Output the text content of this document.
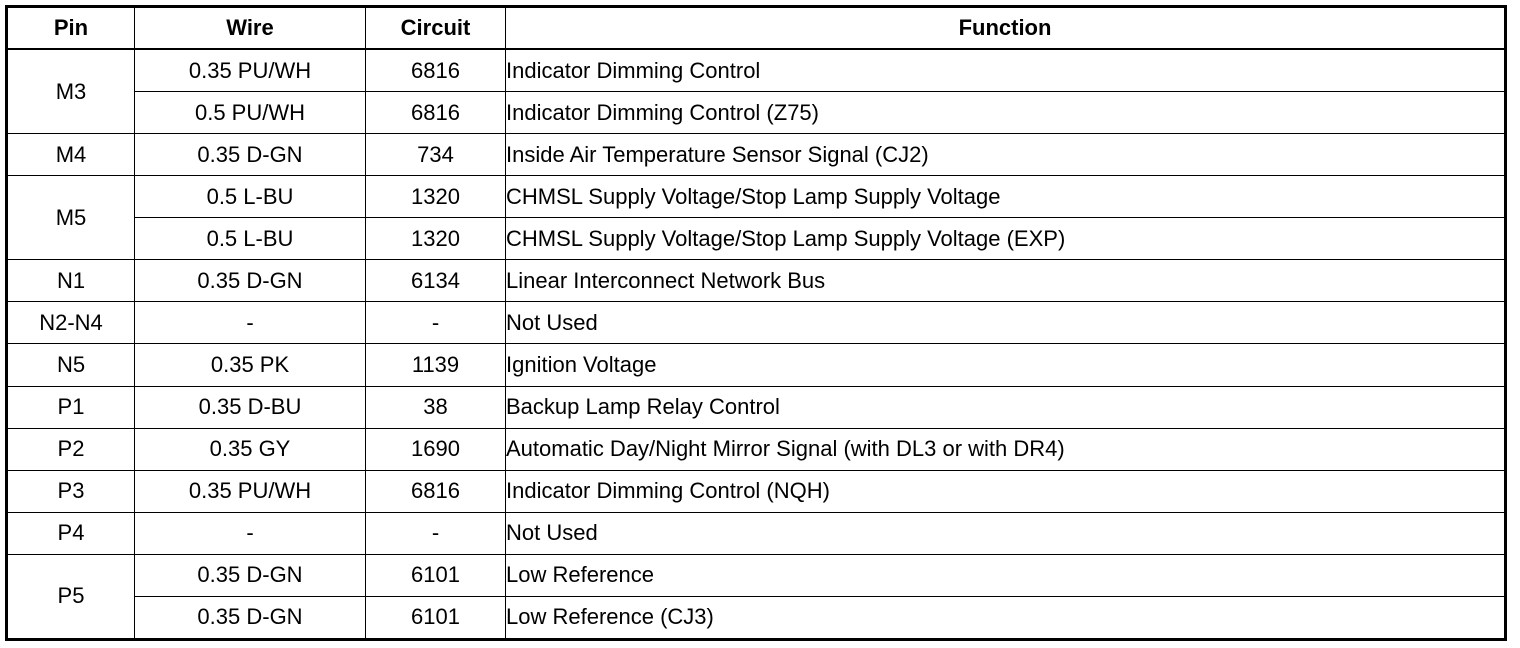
Pin	Wire	Circuit	Function
M3	0.35 PU/WH	6816	Indicator Dimming Control
	0.5 PU/WH	6816	Indicator Dimming Control (Z75)
M4	0.35 D-GN	734	Inside Air Temperature Sensor Signal (CJ2)
M5	0.5 L-BU	1320	CHMSL Supply Voltage/Stop Lamp Supply Voltage
	0.5 L-BU	1320	CHMSL Supply Voltage/Stop Lamp Supply Voltage (EXP)
N1	0.35 D-GN	6134	Linear Interconnect Network Bus
N2-N4	-	-	Not Used
N5	0.35 PK	1139	Ignition Voltage
P1	0.35 D-BU	38	Backup Lamp Relay Control
P2	0.35 GY	1690	Automatic Day/Night Mirror Signal (with DL3 or with DR4)
P3	0.35 PU/WH	6816	Indicator Dimming Control (NQH)
P4	-	-	Not Used
P5	0.35 D-GN	6101	Low Reference
	0.35 D-GN	6101	Low Reference (CJ3)
